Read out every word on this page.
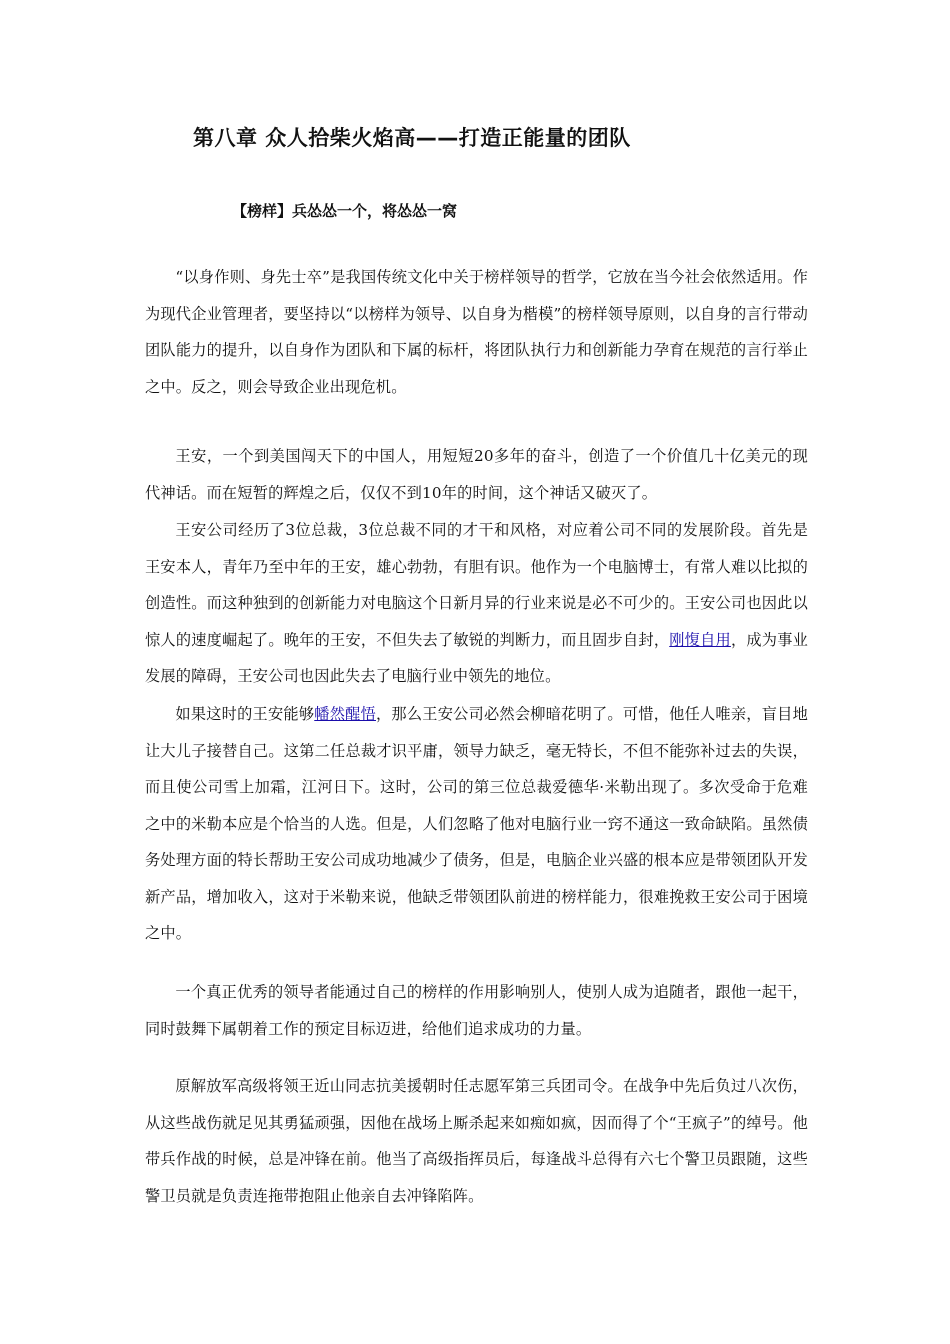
第八章 众人拾柴火焰高——打造正能量的团队
【榜样】兵怂怂一个，将怂怂一窝

“以身作则、身先士卒”是我国传统文化中关于榜样领导的哲学，它放在当今社会依然适用。作为现代企业管理者，要坚持以“以榜样为领导、以自身为楷模”的榜样领导原则，以自身的言行带动团队能力的提升，以自身作为团队和下属的标杆，将团队执行力和创新能力孕育在规范的言行举止之中。反之，则会导致企业出现危机。

王安，一个到美国闯天下的中国人，用短短20多年的奋斗，创造了一个价值几十亿美元的现代神话。而在短暂的辉煌之后，仅仅不到10年的时间，这个神话又破灭了。

王安公司经历了3位总裁，3位总裁不同的才干和风格，对应着公司不同的发展阶段。首先是王安本人，青年乃至中年的王安，雄心勃勃，有胆有识。他作为一个电脑博士，有常人难以比拟的创造性。而这种独到的创新能力对电脑这个日新月异的行业来说是必不可少的。王安公司也因此以惊人的速度崛起了。晚年的王安，不但失去了敏锐的判断力，而且固步自封，刚愎自用，成为事业发展的障碍，王安公司也因此失去了电脑行业中领先的地位。

如果这时的王安能够幡然醒悟，那么王安公司必然会柳暗花明了。可惜，他任人唯亲，盲目地让大儿子接替自己。这第二任总裁才识平庸，领导力缺乏，毫无特长，不但不能弥补过去的失误，而且使公司雪上加霜，江河日下。这时，公司的第三位总裁爱德华·米勒出现了。多次受命于危难之中的米勒本应是个恰当的人选。但是，人们忽略了他对电脑行业一窍不通这一致命缺陷。虽然债务处理方面的特长帮助王安公司成功地减少了债务，但是，电脑企业兴盛的根本应是带领团队开发新产品，增加收入，这对于米勒来说，他缺乏带领团队前进的榜样能力，很难挽救王安公司于困境之中。

一个真正优秀的领导者能通过自己的榜样的作用影响别人，使别人成为追随者，跟他一起干，同时鼓舞下属朝着工作的预定目标迈进，给他们追求成功的力量。

原解放军高级将领王近山同志抗美援朝时任志愿军第三兵团司令。在战争中先后负过八次伤，从这些战伤就足见其勇猛顽强，因他在战场上厮杀起来如痴如疯，因而得了个“王疯子”的绰号。他带兵作战的时候，总是冲锋在前。他当了高级指挥员后，每逢战斗总得有六七个警卫员跟随，这些警卫员就是负责连拖带抱阻止他亲自去冲锋陷阵。
